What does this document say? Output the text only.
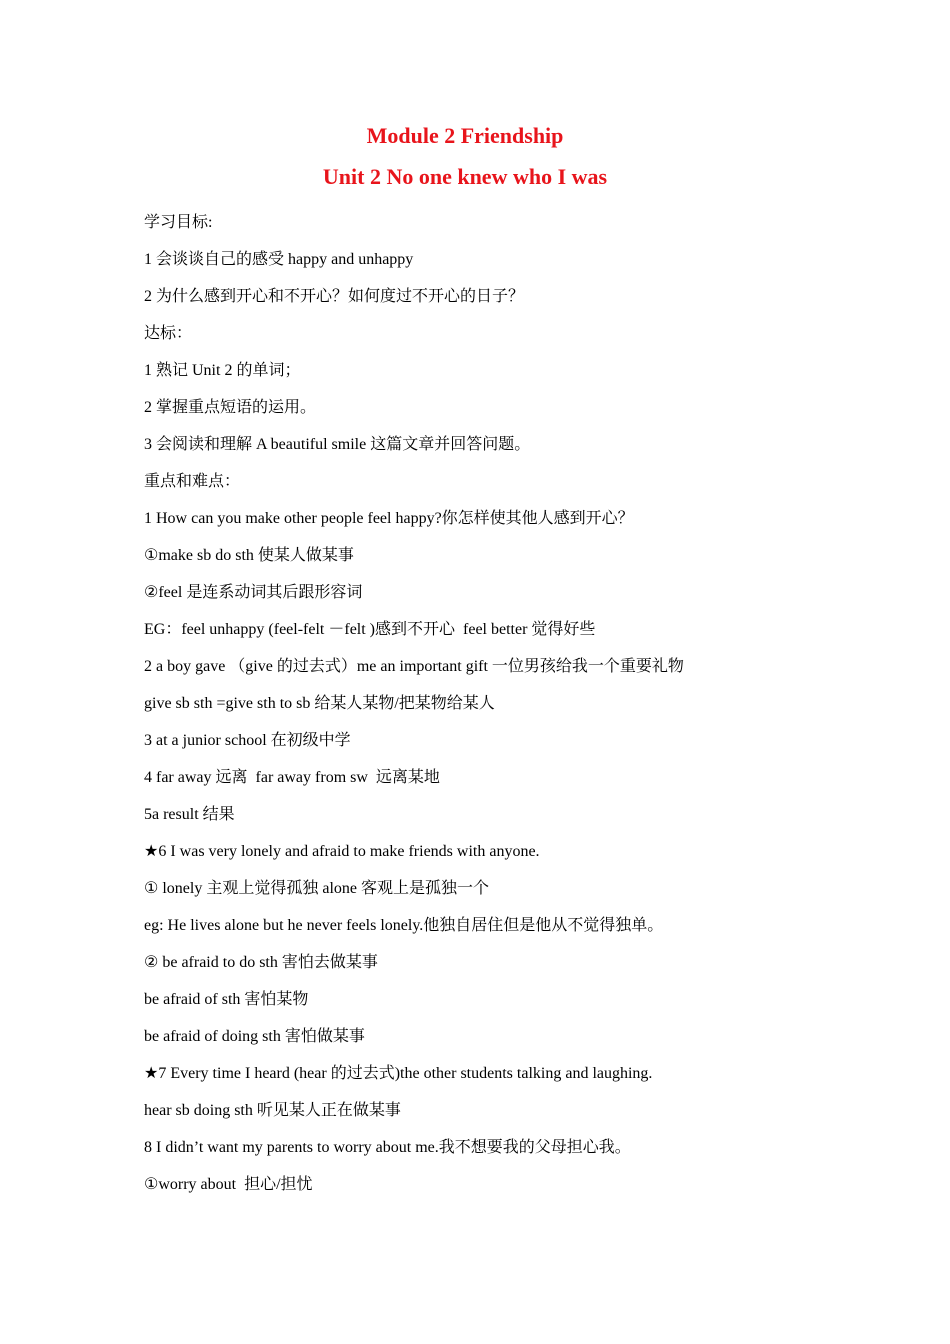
Module 2 Friendship
Unit 2 No one knew who I was
学习目标:
1 会谈谈自己的感受 happy and unhappy
2 为什么感到开心和不开心？如何度过不开心的日子？
达标：
1 熟记 Unit 2 的单词；
2 掌握重点短语的运用。
3 会阅读和理解 A beautiful smile 这篇文章并回答问题。
重点和难点：
1 How can you make other people feel happy?你怎样使其他人感到开心？
①make sb do sth 使某人做某事
②feel 是连系动词其后跟形容词
EG：feel unhappy (feel-felt －felt )感到不开心  feel better 觉得好些
2 a boy gave （give 的过去式）me an important gift 一位男孩给我一个重要礼物
give sb sth =give sth to sb 给某人某物/把某物给某人
3 at a junior school 在初级中学
4 far away 远离  far away from sw  远离某地
5a result 结果
★6 I was very lonely and afraid to make friends with anyone.
① lonely 主观上觉得孤独 alone 客观上是孤独一个
eg: He lives alone but he never feels lonely.他独自居住但是他从不觉得独单。
② be afraid to do sth 害怕去做某事
be afraid of sth 害怕某物
be afraid of doing sth 害怕做某事
★7 Every time I heard (hear 的过去式)the other students talking and laughing.
hear sb doing sth 听见某人正在做某事
8 I didn’t want my parents to worry about me.我不想要我的父母担心我。
①worry about  担心/担忧
